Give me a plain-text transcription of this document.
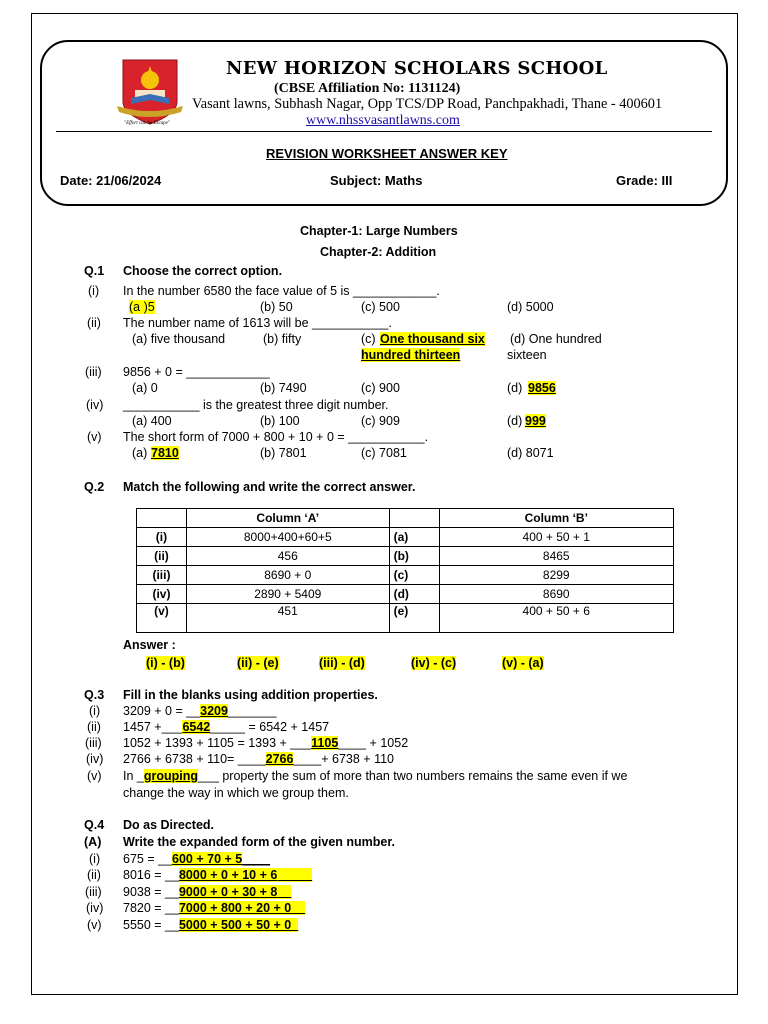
"Effort can be Escape"
NEW HORIZON SCHOLARS SCHOOL
(CBSE Affiliation No: 1131124)
Vasant lawns, Subhash Nagar, Opp TCS/DP Road, Panchpakhadi, Thane - 400601
www.nhssvasantlawns.com
REVISION WORKSHEET ANSWER KEY
Date: 21/06/2024	Subject: Maths	Grade: III
Chapter-1: Large Numbers
Chapter-2: Addition
Q.1 Choose the correct option.
(i) In the number 6580 the face value of 5 is ____________.
(a )5	(b) 50	(c) 500	(d) 5000
(ii) The number name of 1613 will be ___________.
(a) five thousand	(b) fifty	(c) One thousand six
hundred thirteen
(d) One hundred
sixteen
(iii) 9856 + 0 = ____________
(a) 0	(b) 7490	(c) 900	(d) 9856
(iv) ___________ is the greatest three digit number.
(a) 400	(b) 100	(c) 909	(d) 999
(v) The short form of 7000 + 800 + 10 + 0 = ___________.
(a) 7810	(b) 7801	(c) 7081	(d) 8071
Q.2 Match the following and write the correct answer.
	Column ‘A’		Column ‘B’
(i)	8000+400+60+5	(a)	400 + 50 + 1
(ii)	456	(b)	8465
(iii)	8690 + 0	(c)	8299
(iv)	2890 + 5409	(d)	8690
(v)	451	(e)	400 + 50 + 6
Answer :
(i) - (b)	(ii) - (e)	(iii) - (d)	(iv) - (c)	(v) - (a)
Q.3 Fill in the blanks using addition properties.
(i) 3209 + 0 = __3209_______
(ii) 1457 +___6542_____ = 6542 + 1457
(iii) 1052 + 1393 + 1105 = 1393 + ___1105____ + 1052
(iv) 2766 + 6738 + 110= ____2766____+ 6738 + 110
(v) In _grouping___ property the sum of more than two numbers remains the same even if we
change the way in which we group them.
Q.4 Do as Directed.
(A) Write the expanded form of the given number.
(i) 675 = __600 + 70 + 5____
(ii) 8016 = __8000 + 0 + 10 + 6_____
(iii) 9038 = __9000 + 0 + 30 + 8__
(iv) 7820 = __7000 + 800 + 20 + 0__
(v) 5550 = __5000 + 500 + 50 + 0_
